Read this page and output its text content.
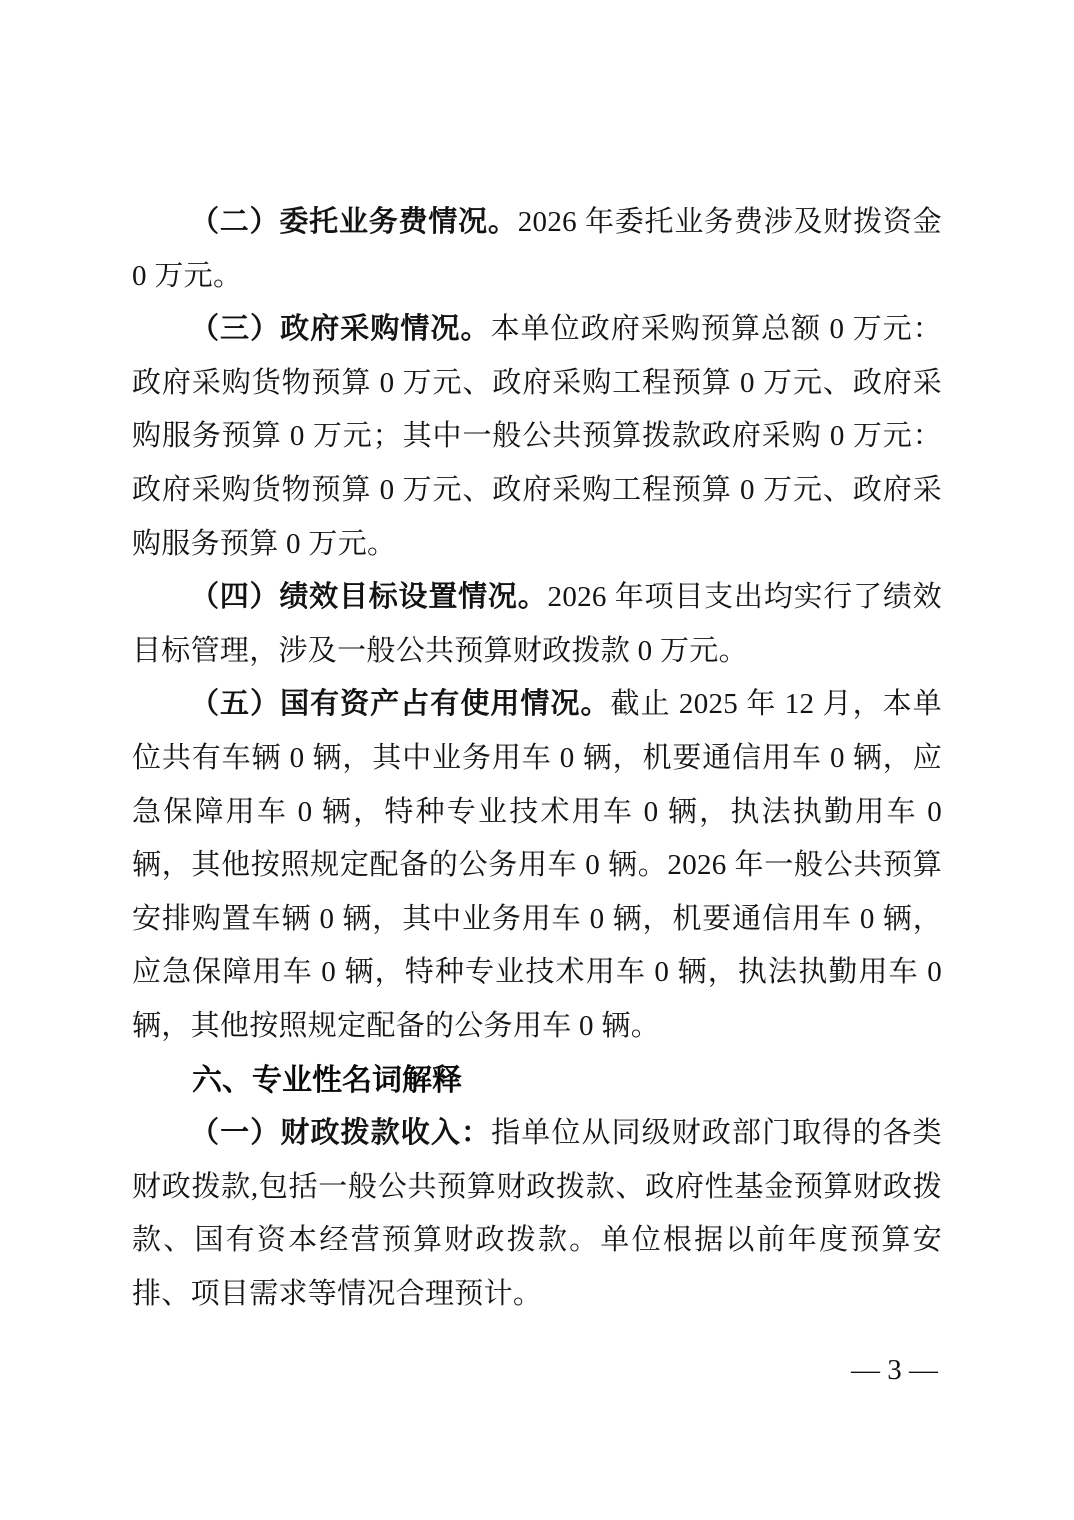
（二）委托业务费情况。2026 年委托业务费涉及财拨资金 0 万元。

（三）政府采购情况。本单位政府采购预算总额 0 万元：政府采购货物预算 0 万元、政府采购工程预算 0 万元、政府采购服务预算 0 万元；其中一般公共预算拨款政府采购 0 万元：政府采购货物预算 0 万元、政府采购工程预算 0 万元、政府采购服务预算 0 万元。

（四）绩效目标设置情况。2026 年项目支出均实行了绩效目标管理，涉及一般公共预算财政拨款 0 万元。

（五）国有资产占有使用情况。截止 2025 年 12 月，本单位共有车辆 0 辆，其中业务用车 0 辆，机要通信用车 0 辆，应急保障用车 0 辆，特种专业技术用车 0 辆，执法执勤用车 0 辆，其他按照规定配备的公务用车 0 辆。2026 年一般公共预算安排购置车辆 0 辆，其中业务用车 0 辆，机要通信用车 0 辆，应急保障用车 0 辆，特种专业技术用车 0 辆，执法执勤用车 0 辆，其他按照规定配备的公务用车 0 辆。

六、专业性名词解释

（一）财政拨款收入：指单位从同级财政部门取得的各类财政拨款,包括一般公共预算财政拨款、政府性基金预算财政拨款、国有资本经营预算财政拨款。单位根据以前年度预算安排、项目需求等情况合理预计。

— 3 —
